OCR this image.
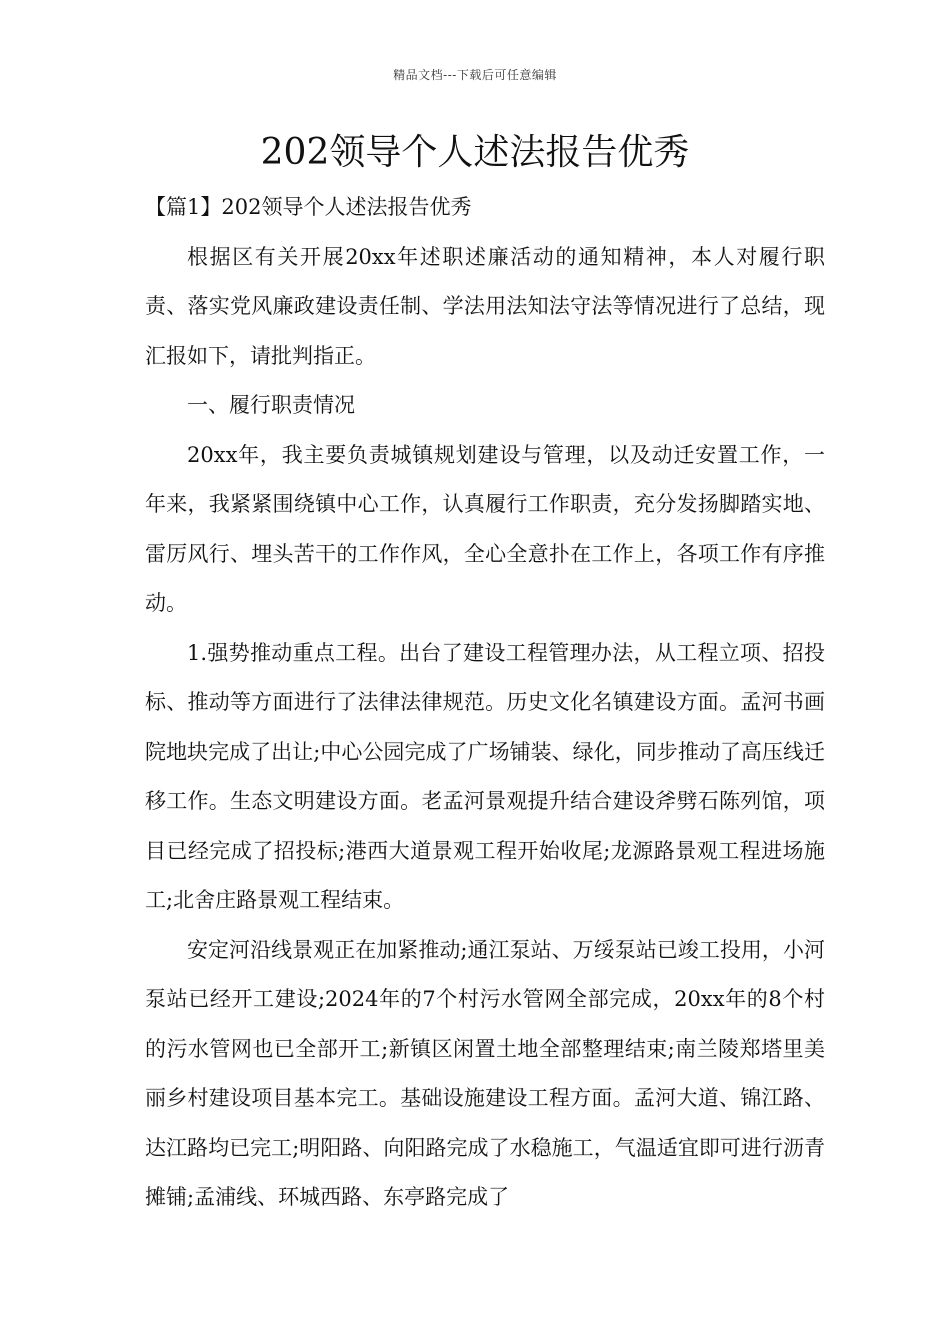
精品文档---下载后可任意编辑
202领导个人述法报告优秀

【篇1】202领导个人述法报告优秀

根据区有关开展20xx年述职述廉活动的通知精神，本人对履行职责、落实党风廉政建设责任制、学法用法知法守法等情况进行了总结，现汇报如下，请批判指正。

一、履行职责情况

20xx年，我主要负责城镇规划建设与管理，以及动迁安置工作，一年来，我紧紧围绕镇中心工作，认真履行工作职责，充分发扬脚踏实地、雷厉风行、埋头苦干的工作作风，全心全意扑在工作上，各项工作有序推动。

1.强势推动重点工程。出台了建设工程管理办法，从工程立项、招投标、推动等方面进行了法律法律规范。历史文化名镇建设方面。孟河书画院地块完成了出让;中心公园完成了广场铺装、绿化，同步推动了高压线迁移工作。生态文明建设方面。老孟河景观提升结合建设斧劈石陈列馆，项目已经完成了招投标;港西大道景观工程开始收尾;龙源路景观工程进场施工;北舍庄路景观工程结束。

安定河沿线景观正在加紧推动;通江泵站、万绥泵站已竣工投用，小河泵站已经开工建设;2024年的7个村污水管网全部完成，20xx年的8个村的污水管网也已全部开工;新镇区闲置土地全部整理结束;南兰陵郑塔里美丽乡村建设项目基本完工。基础设施建设工程方面。孟河大道、锦江路、达江路均已完工;明阳路、向阳路完成了水稳施工，气温适宜即可进行沥青摊铺;孟浦线、环城西路、东亭路完成了
